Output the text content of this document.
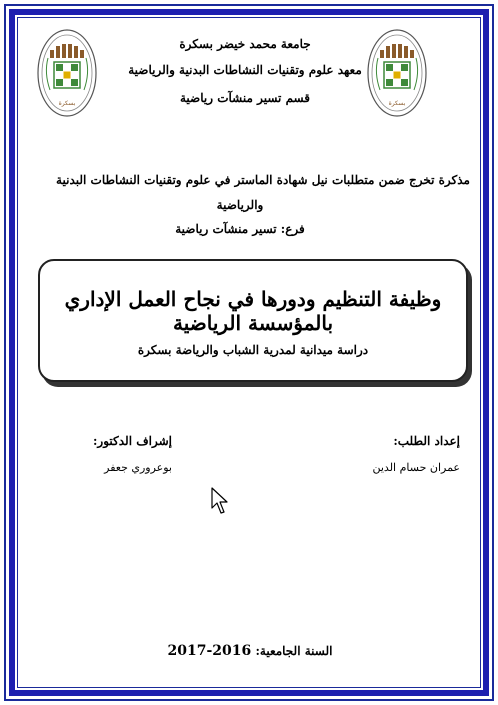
بسكرة	بسكرة
جامعة محمد خيضر بسكرة
معهد علوم وتقنيات النشاطات البدنية والرياضية
قسم تسير منشآت رياضية
مذكرة تخرج ضمن متطلبات نيل شهادة الماستر في علوم وتقنيات النشاطات البدنية
والرياضية
فرع: تسير منشآت رياضية
وظيفة التنظيم ودورها في نجاح العمل الإداري بالمؤسسة الرياضية
دراسة ميدانية لمدرية الشباب والرياضة بسكرة
إعداد الطلب:
إشراف الدكتور:
عمران حسام الدين
بوعروري جعفر
السنة الجامعية: 2017-2016
